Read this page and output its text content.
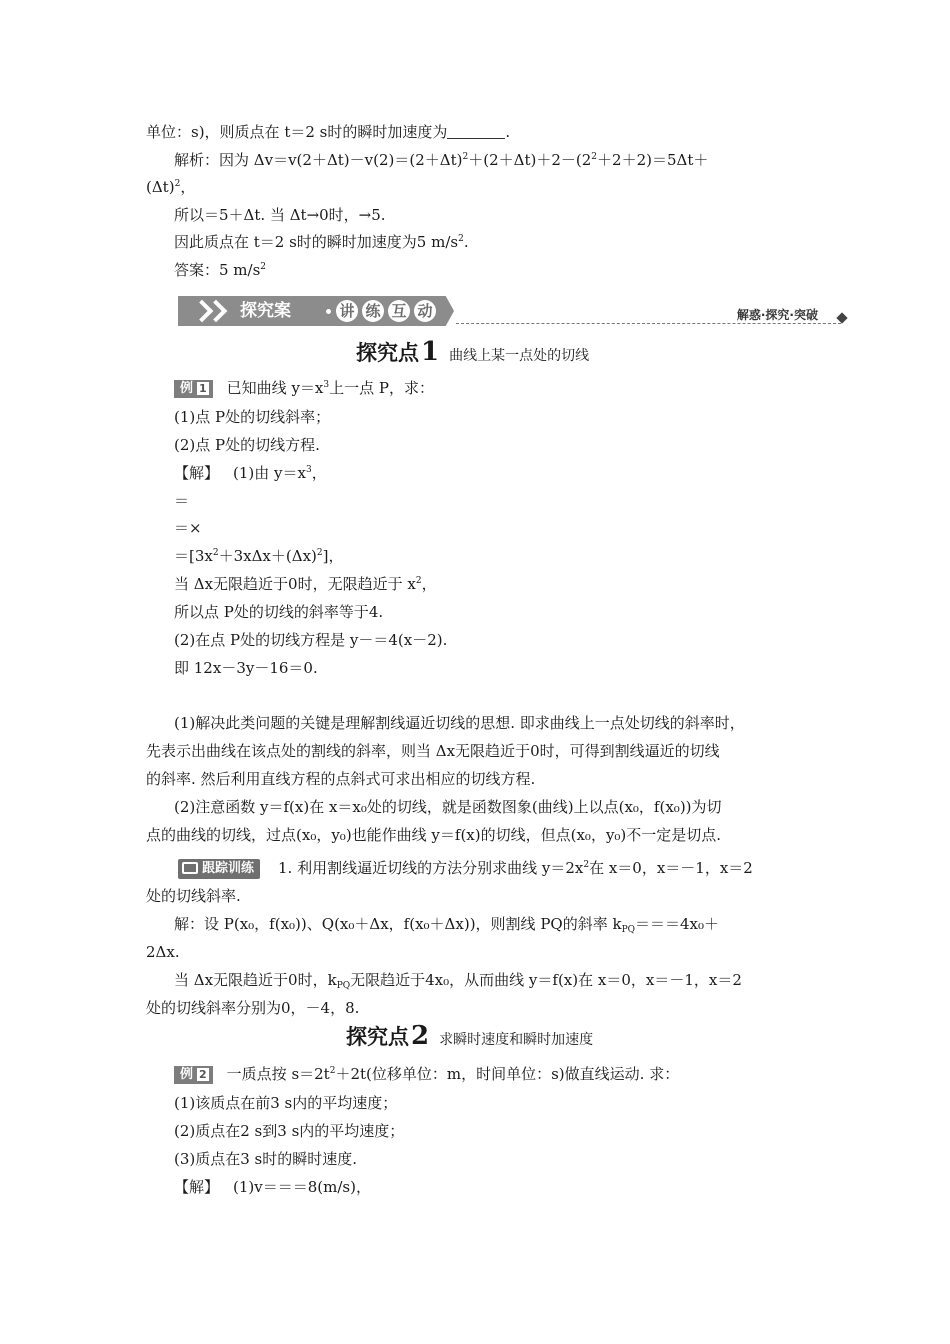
单位：s)，则质点在 t＝2 s时的瞬时加速度为	.
解析：因为 $\Delta v=v(2+\Delta t)-v(2)=(2+\Delta t)^2+(2+\Delta t)+2-(2^2+2+2)=5\Delta t+$
$(\Delta t)^2$，
所以＝5＋Δt. 当 Δt→0时，→5.
因此质点在 t＝2 s时的瞬时加速度为5 $m/s^2$.
答案：5 $m/s^2$
探究案	讲 练 互 动	解惑·探究·突破
探究点1 曲线上某一点处的切线
例 1 已知曲线 $y=x^3$上一点 P，求：
(1)点 P处的切线斜率；
(2)点 P处的切线方程.
【解】 (1)由 $y=x^3$，
＝
＝×
$=[3x^2+3x\Delta x+(\Delta x)^2]$，
当 Δx无限趋近于0时，无限趋近于 $x^2$，
所以点 P处的切线的斜率等于4.
(2)在点 P处的切线方程是 y－＝4(x－2).
即 12x－3y－16＝0.
(1)解决此类问题的关键是理解割线逼近切线的思想. 即求曲线上一点处切线的斜率时，
先表示出曲线在该点处的割线的斜率，则当 Δx无限趋近于0时，可得到割线逼近的切线
的斜率. 然后利用直线方程的点斜式可求出相应的切线方程.
(2)注意函数 y＝f(x)在 x＝x₀处的切线，就是函数图象(曲线)上以点(x₀，f(x₀))为切
点的曲线的切线，过点(x₀，y₀)也能作曲线 y＝f(x)的切线，但点(x₀，y₀)不一定是切点.
跟踪训练 1. 利用割线逼近切线的方法分别求曲线 $y=2x^2$在 x＝0，x＝－1，x＝2
处的切线斜率.
解：设 P(x₀，f(x₀))、Q(x₀＋Δx，f(x₀＋Δx))，则割线 PQ的斜率 $k_{PQ}===4x_0+$
2Δx.
当 Δx无限趋近于0时，$k_{PQ}$无限趋近于4x₀，从而曲线 y＝f(x)在 x＝0，x＝－1，x＝2
处的切线斜率分别为0，－4，8.
探究点2 求瞬时速度和瞬时加速度
例 2 一质点按 $s=2t^2+2t$(位移单位：m，时间单位：s)做直线运动. 求：
(1)该质点在前3 s内的平均速度；
(2)质点在2 s到3 s内的平均速度；
(3)质点在3 s时的瞬时速度.
【解】 (1)v＝＝＝8(m/s)，
